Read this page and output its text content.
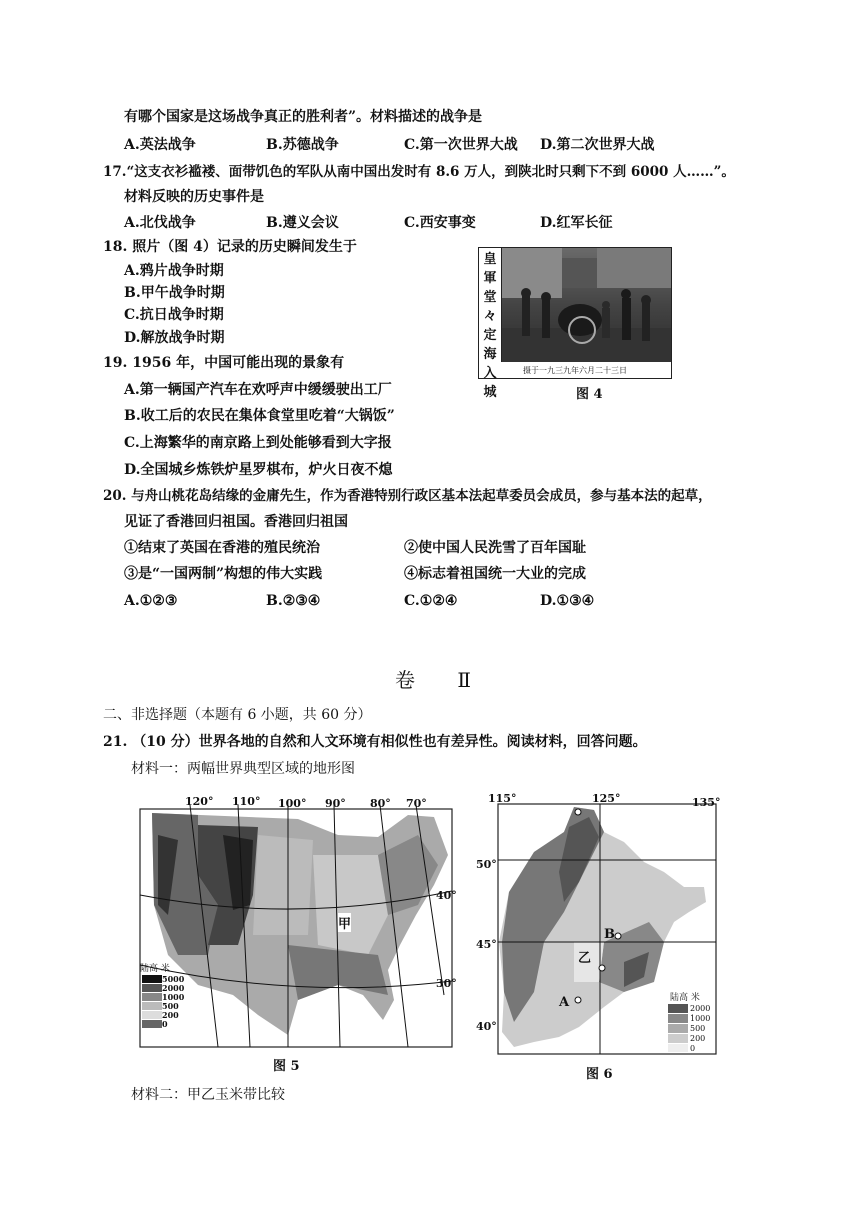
有哪个国家是这场战争真正的胜利者”。材料描述的战争是
A.英法战争	B.苏德战争	C.第一次世界大战 D.第二次世界大战
17.“这支衣衫褴褛、面带饥色的军队从南中国出发时有 8.6 万人，到陕北时只剩下不到 6000 人……”。
材料反映的历史事件是
A.北伐战争	B.遵义会议	C.西安事变	D.红军长征
18. 照片（图 4）记录的历史瞬间发生于
A.鸦片战争时期
B.甲午战争时期
C.抗日战争时期
D.解放战争时期
皇
軍
堂
々
定
海
入
城
摄于一九三九年六月二十三日
图 4
19. 1956 年，中国可能出现的景象有
A.第一辆国产汽车在欢呼声中缓缓驶出工厂
B.收工后的农民在集体食堂里吃着“大锅饭”
C.上海繁华的南京路上到处能够看到大字报
D.全国城乡炼铁炉星罗棋布，炉火日夜不熄
20. 与舟山桃花岛结缘的金庸先生，作为香港特别行政区基本法起草委员会成员，参与基本法的起草，
见证了香港回归祖国。香港回归祖国
①结束了英国在香港的殖民统治	②使中国人民洗雪了百年国耻
③是“一国两制”构想的伟大实践	④标志着祖国统一大业的完成
A.①②③	B.②③④	C.①②④	D.①③④
卷 Ⅱ
二、非选择题（本题有 6 小题，共 60 分）
21. （10 分）世界各地的自然和人文环境有相似性也有差异性。阅读材料，回答问题。
材料一：两幅世界典型区域的地形图
120° 110° 100° 90° 80° 70°
40°
30°
甲
陆高 米
5000
2000
1000
500
200
0
图 5
115°	125°	135°
50°
45°
40°
A
B
乙
陆高 米
2000
1000
500
200
0
图 6
材料二：甲乙玉米带比较
